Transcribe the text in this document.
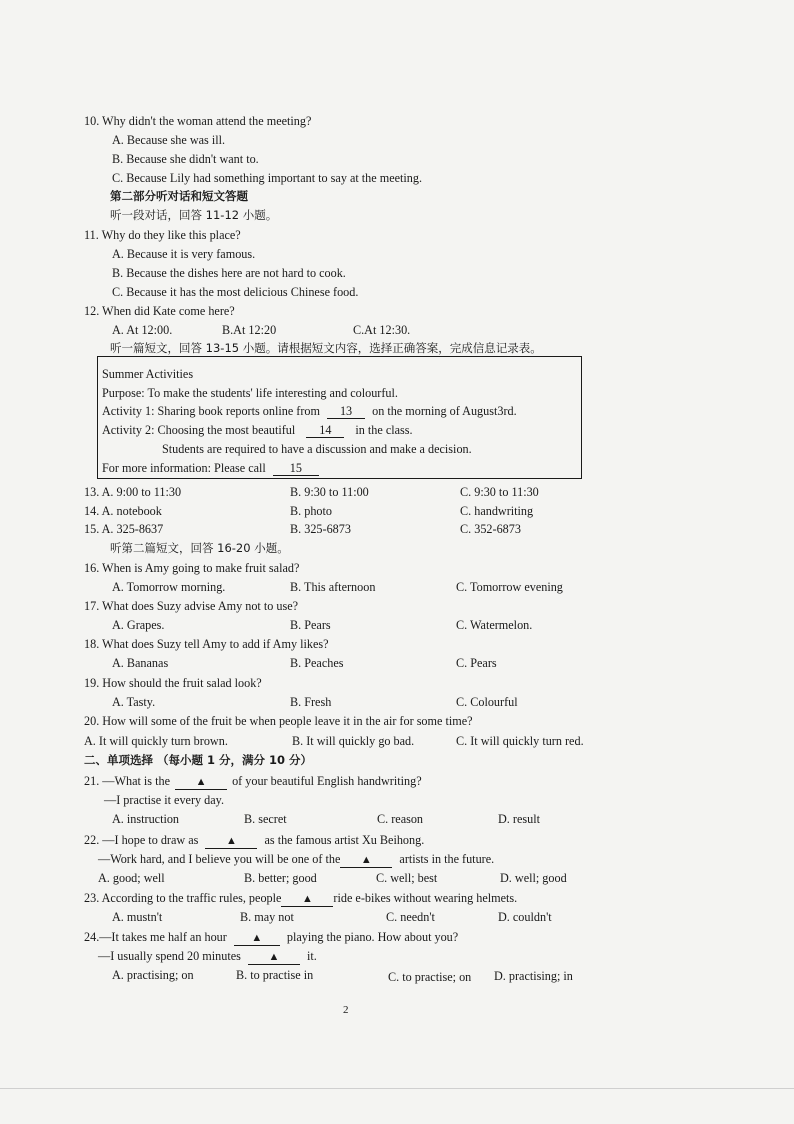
10. Why didn't the woman attend the meeting?
A. Because she was ill.
B. Because she didn't want to.
C. Because Lily had something important to say at the meeting.
第二部分听对话和短文答题
听一段对话，回答 11-12 小题。
11. Why do they like this place?
A. Because it is very famous.
B. Because the dishes here are not hard to cook.
C. Because it has the most delicious Chinese food.
12. When did Kate come here?
A. At 12:00.	B.At 12:20	C.At 12:30.
听一篇短文，回答 13-15 小题。请根据短文内容，选择正确答案，完成信息记录表。
Summer Activities
Purpose: To make the students' life interesting and colourful.
Activity 1: Sharing book reports online from 13 on the morning of August3rd.
Activity 2: Choosing the most beautiful 14 in the class.
Students are required to have a discussion and make a decision.
For more information: Please call 15
13. A. 9:00 to 11:30	B. 9:30 to 11:00	C. 9:30 to 11:30
14. A. notebook	B. photo	C. handwriting
15. A. 325-8637	B. 325-6873	C. 352-6873
听第二篇短文，回答 16-20 小题。
16. When is Amy going to make fruit salad?
A. Tomorrow morning.	B. This afternoon	C. Tomorrow evening
17. What does Suzy advise Amy not to use?
A. Grapes.	B. Pears	C. Watermelon.
18. What does Suzy tell Amy to add if Amy likes?
A. Bananas	B. Peaches	C. Pears
19. How should the fruit salad look?
A. Tasty.	B. Fresh	C. Colourful
20. How will some of the fruit be when people leave it in the air for some time?
A. It will quickly turn brown.	B. It will quickly go bad.	C. It will quickly turn red.
二、单项选择 （每小题 1 分，满分 10 分）
21. —What is the ▲ of your beautiful English handwriting?
—I practise it every day.
A. instruction	B. secret	C. reason	D. result
22. —I hope to draw as	▲ as the famous artist Xu Beihong.
—Work hard, and I believe you will be one of the ▲ artists in the future.
A. good; well	B. better; good	C. well; best	D. well; good
23. According to the traffic rules, people ▲ ride e-bikes without wearing helmets.
A. mustn't	B. may not	C. needn't	D. couldn't
24.—It takes me half an hour ▲ playing the piano. How about you?
—I usually spend 20 minutes	▲ it.
A. practising; on	B. to practise in	C. to practise; on D. practising; in
2
